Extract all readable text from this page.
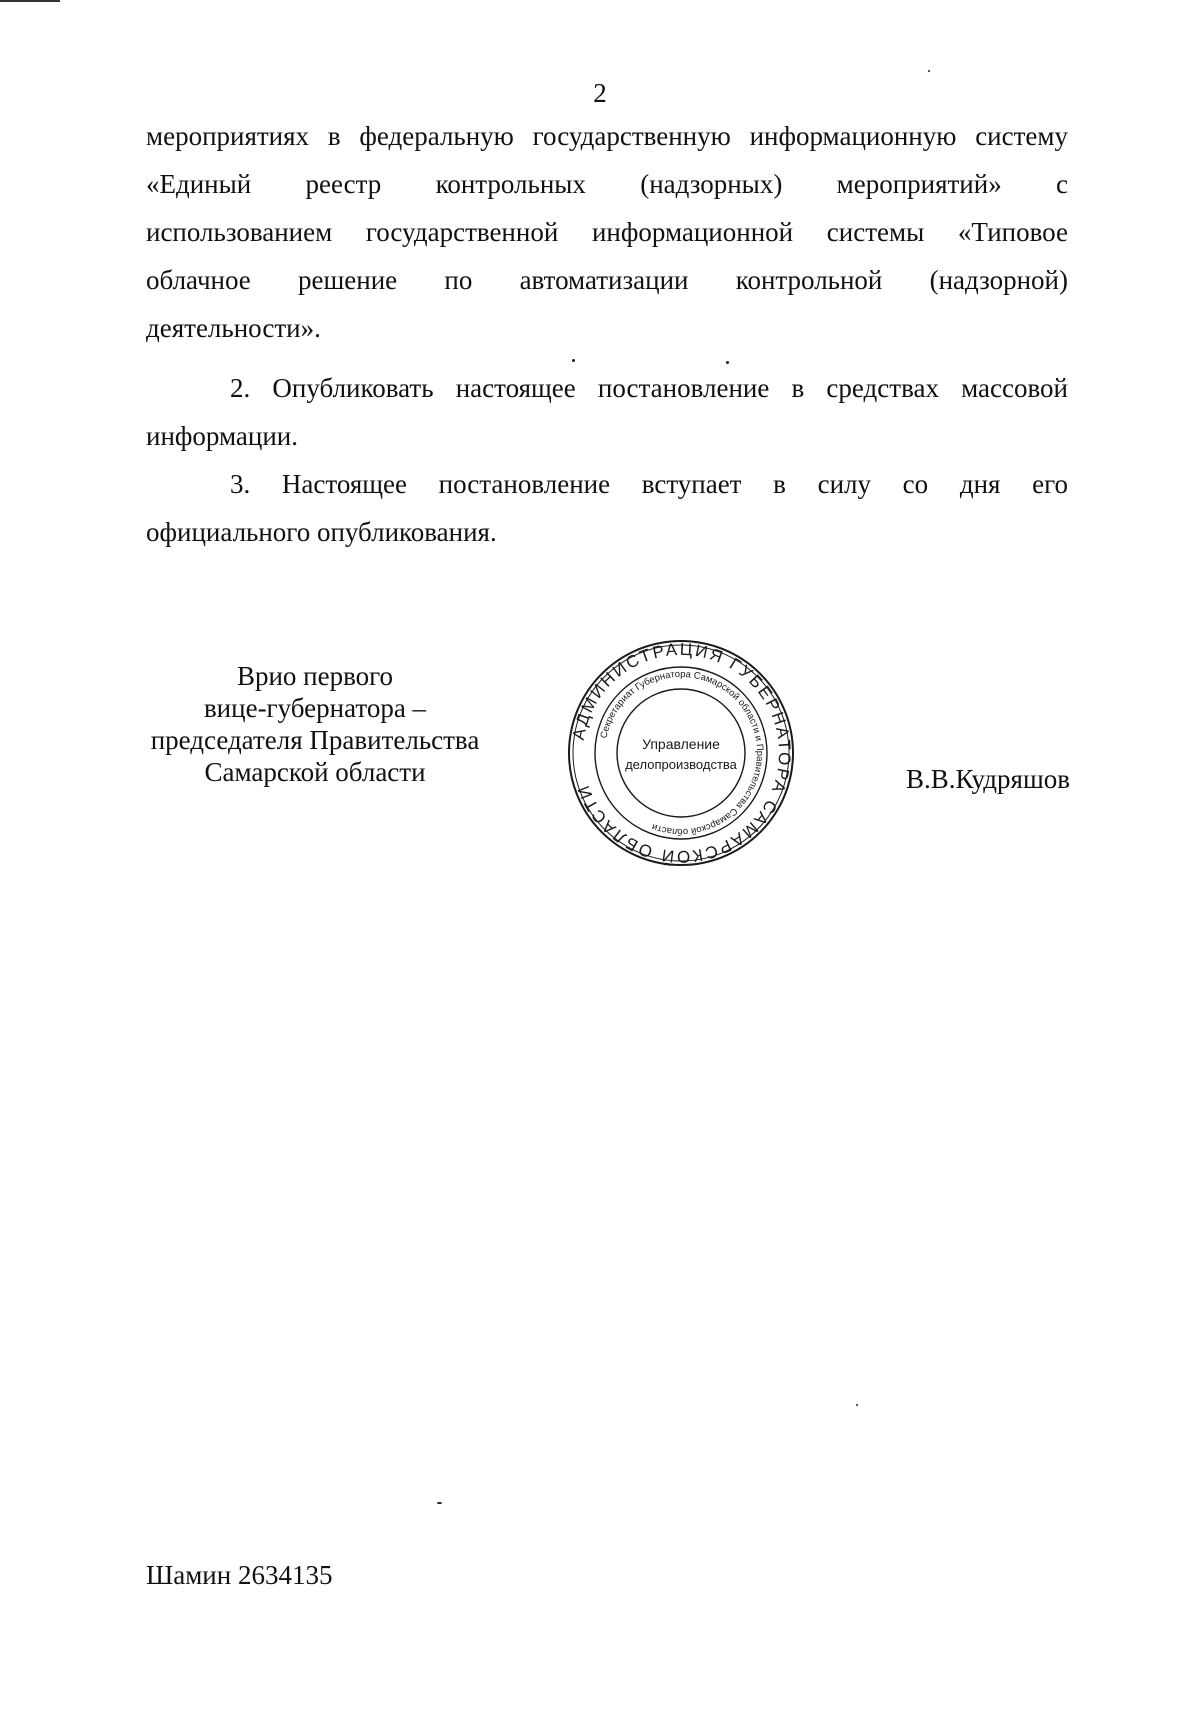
2

мероприятиях в федеральную государственную информационную систему

«Единый реестр контрольных (надзорных) мероприятий» с

использованием государственной информационной системы «Типовое

облачное решение по автоматизации контрольной (надзорной)

деятельности».

2. Опубликовать настоящее постановление в средствах массовой

информации.

3. Настоящее постановление вступает в силу со дня его

официального опубликования.

Врио первого
вице-губернатора –
председателя Правительства
Самарской области
АДМИНИСТРАЦИЯ ГУБЕРНАТОРА САМАРСКОЙ ОБЛАСТИ
Секретариат Губернатора Самарской области и Правительства Самарской области
Управление
делопроизводства	В.В.Кудряшов
Шамин 2634135
